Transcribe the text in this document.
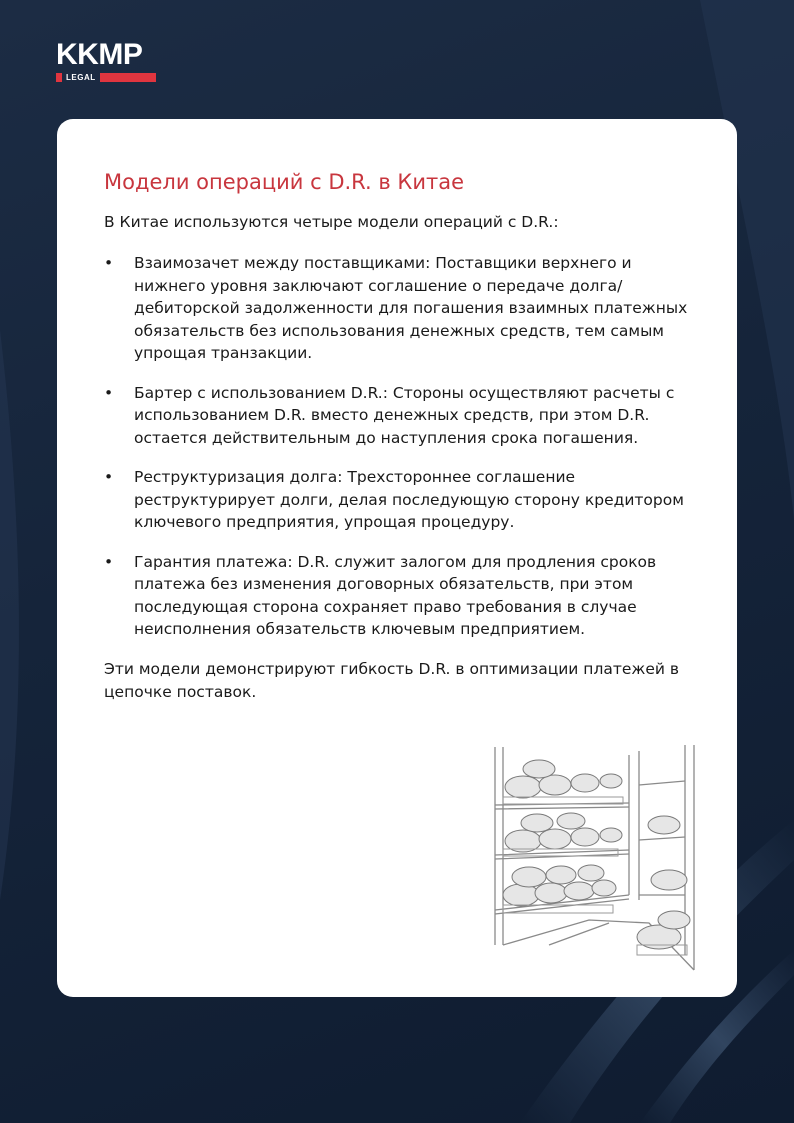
KKMP
LEGAL
Модели операций с D.R. в Китае

В Китае используются четыре модели операций с D.R.:

• Взаимозачет между поставщиками: Поставщики верхнего и нижнего уровня заключают соглашение о передаче долга/дебиторской задолженности для погашения взаимных платежных обязательств без использования денежных средств, тем самым упрощая транзакции.
• Бартер с использованием D.R.: Стороны осуществляют расчеты с использованием D.R. вместо денежных средств, при этом D.R. остается действительным до наступления срока погашения.
• Реструктуризация долга: Трехстороннее соглашение реструктурирует долги, делая последующую сторону кредитором ключевого предприятия, упрощая процедуру.
• Гарантия платежа: D.R. служит залогом для продления сроков платежа без изменения договорных обязательств, при этом последующая сторона сохраняет право требования в случае неисполнения обязательств ключевым предприятием.

Эти модели демонстрируют гибкость D.R. в оптимизации платежей в цепочке поставок.
